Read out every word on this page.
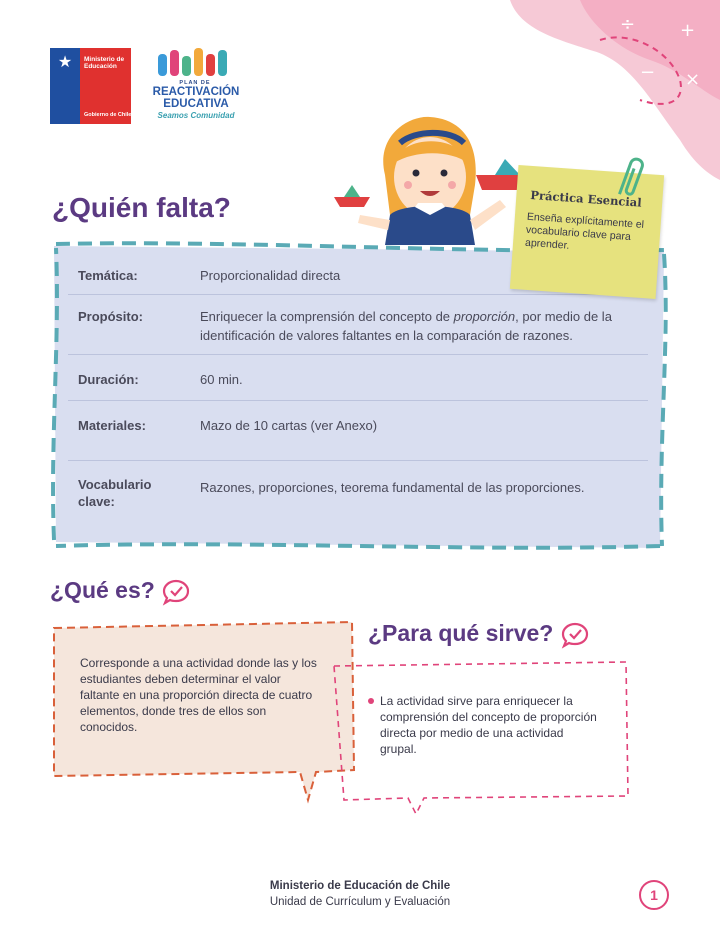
÷ +
− ×
★	Ministerio de Educación
Gobierno de Chile
PLAN DE
REACTIVACIÓN
EDUCATIVA
Seamos Comunidad
¿Quién falta?
Temática:	Proporcionalidad directa
Propósito:	Enriquecer la comprensión del concepto de proporción, por medio de la identificación de valores faltantes en la comparación de razones.
Duración:	60 min.
Materiales:	Mazo de 10 cartas (ver Anexo)
Vocabulario clave:
Razones, proporciones, teorema fundamental de las proporciones.
Práctica Esencial
Enseña explícitamente el vocabulario clave para aprender.
¿Qué es?
Corresponde a una actividad donde las y los estudiantes deben determinar el valor faltante en una proporción directa de cuatro elementos, donde tres de ellos son conocidos.
¿Para qué sirve?
La actividad sirve para enriquecer la comprensión del concepto de proporción directa por medio de una actividad grupal.
Ministerio de Educación de Chile
Unidad de Currículum y Evaluación	1
